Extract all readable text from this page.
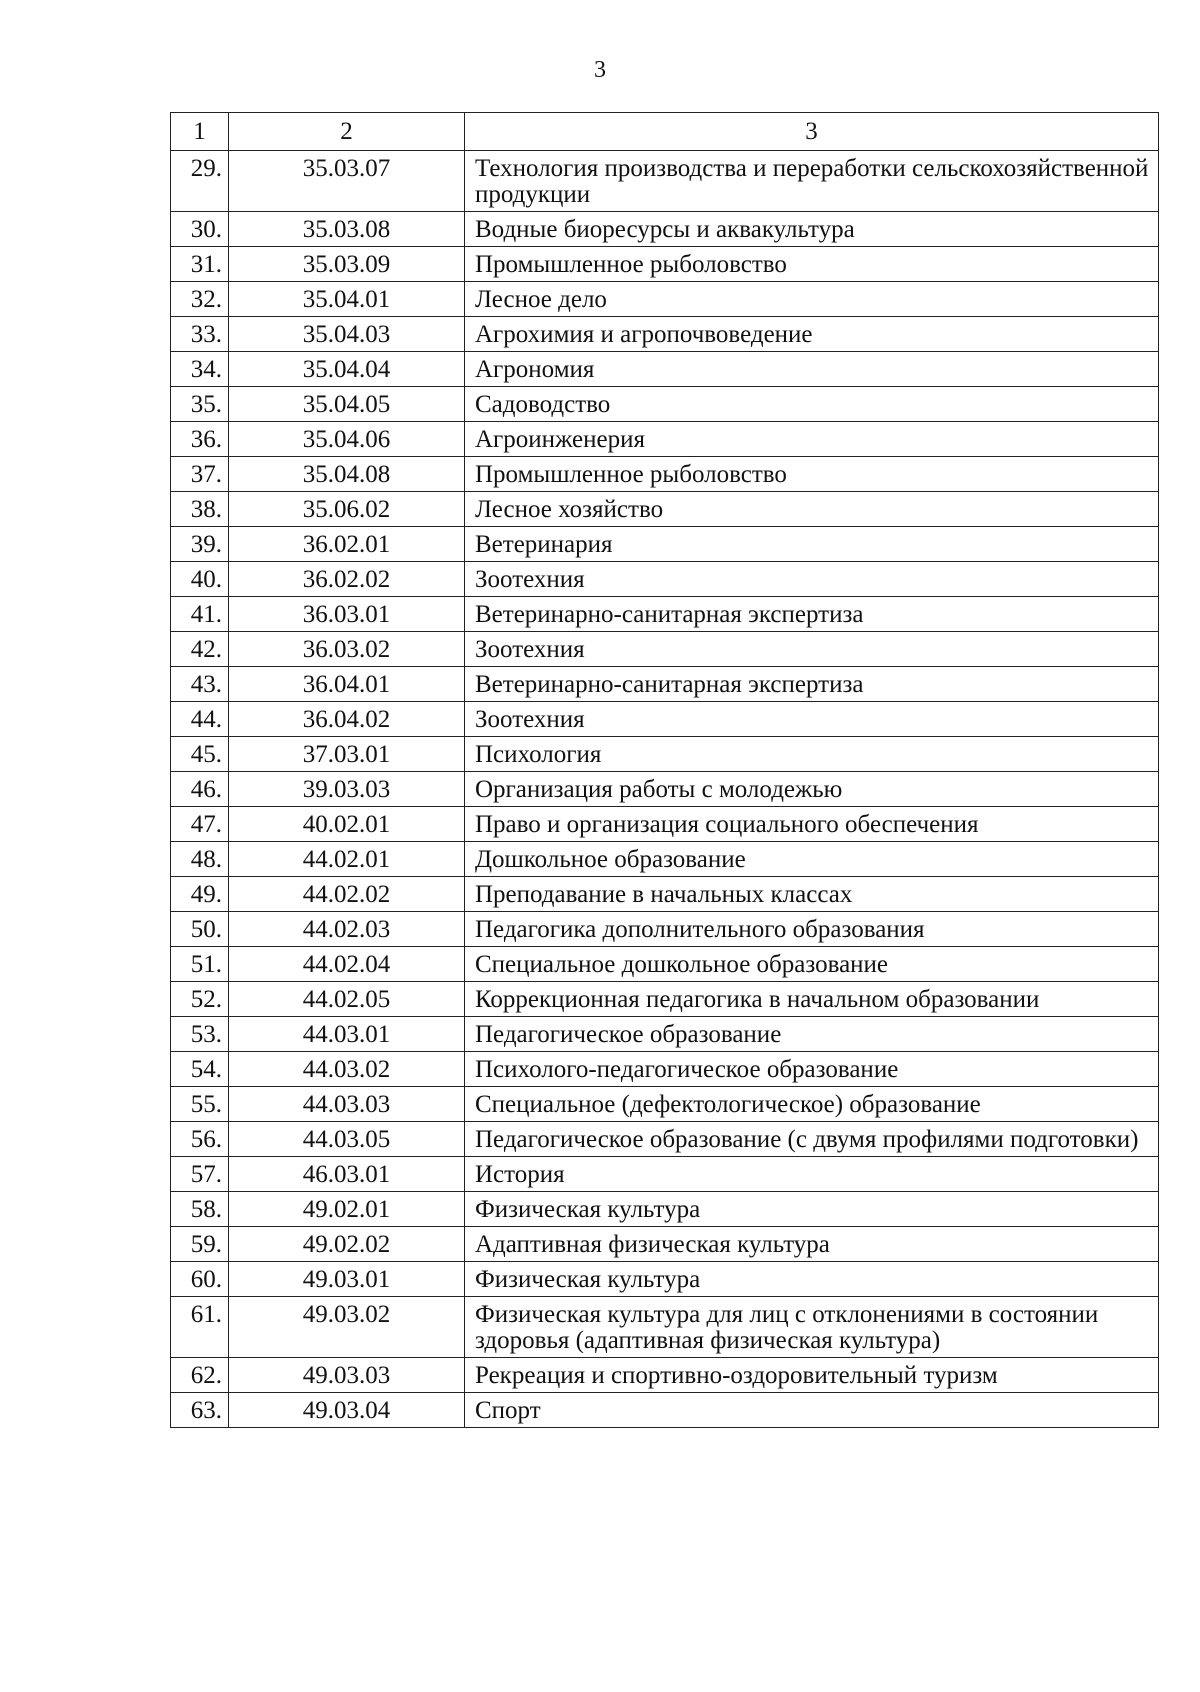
3
1	2	3
29.	35.03.07	Технология производства и переработки сельскохозяйственной продукции
30.	35.03.08	Водные биоресурсы и аквакультура
31.	35.03.09	Промышленное рыболовство
32.	35.04.01	Лесное дело
33.	35.04.03	Агрохимия и агропочвоведение
34.	35.04.04	Агрономия
35.	35.04.05	Садоводство
36.	35.04.06	Агроинженерия
37.	35.04.08	Промышленное рыболовство
38.	35.06.02	Лесное хозяйство
39.	36.02.01	Ветеринария
40.	36.02.02	Зоотехния
41.	36.03.01	Ветеринарно-санитарная экспертиза
42.	36.03.02	Зоотехния
43.	36.04.01	Ветеринарно-санитарная экспертиза
44.	36.04.02	Зоотехния
45.	37.03.01	Психология
46.	39.03.03	Организация работы с молодежью
47.	40.02.01	Право и организация социального обеспечения
48.	44.02.01	Дошкольное образование
49.	44.02.02	Преподавание в начальных классах
50.	44.02.03	Педагогика дополнительного образования
51.	44.02.04	Специальное дошкольное образование
52.	44.02.05	Коррекционная педагогика в начальном образовании
53.	44.03.01	Педагогическое образование
54.	44.03.02	Психолого-педагогическое образование
55.	44.03.03	Специальное (дефектологическое) образование
56.	44.03.05	Педагогическое образование (с двумя профилями подготовки)
57.	46.03.01	История
58.	49.02.01	Физическая культура
59.	49.02.02	Адаптивная физическая культура
60.	49.03.01	Физическая культура
61.	49.03.02	Физическая культура для лиц с отклонениями в состоянии здоровья (адаптивная физическая культура)
62.	49.03.03	Рекреация и спортивно-оздоровительный туризм
63.	49.03.04	Спорт
